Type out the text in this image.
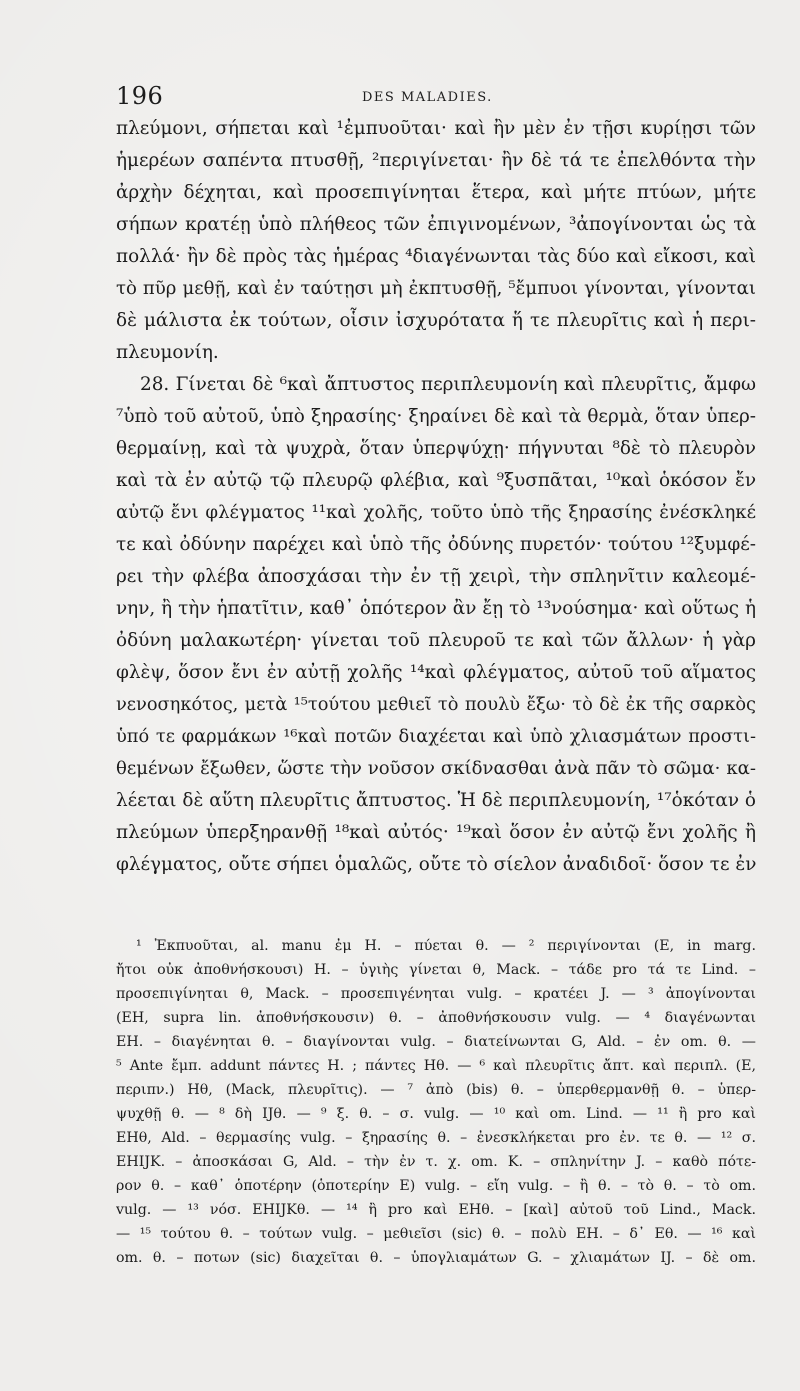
196	DES MALADIES.
πλεύμονι, σήπεται καὶ ¹ἐμπυοῦται· καὶ ἢν μὲν ἐν τῇσι κυρίῃσι τῶν
ἡμερέων σαπέντα πτυσθῇ, ²περιγίνεται· ἢν δὲ τά τε ἐπελθόντα τὴν
ἀρχὴν δέχηται, καὶ προσεπιγίνηται ἕτερα, καὶ μήτε πτύων, μήτε
σήπων κρατέῃ ὑπὸ πλήθεος τῶν ἐπιγινομένων, ³ἀπογίνονται ὡς τὰ
πολλά· ἢν δὲ πρὸς τὰς ἡμέρας ⁴διαγένωνται τὰς δύο καὶ εἴκοσι, καὶ
τὸ πῦρ μεθῇ, καὶ ἐν ταύτῃσι μὴ ἐκπτυσθῇ, ⁵ἔμπυοι γίνονται, γίνονται
δὲ μάλιστα ἐκ τούτων, οἷσιν ἰσχυρότατα ἥ τε πλευρῖτις καὶ ἡ περι-
πλευμονίη.
28. Γίνεται δὲ ⁶καὶ ἄπτυστος περιπλευμονίη καὶ πλευρῖτις, ἄμφω
⁷ὑπὸ τοῦ αὐτοῦ, ὑπὸ ξηρασίης· ξηραίνει δὲ καὶ τὰ θερμὰ, ὅταν ὑπερ-
θερμαίνῃ, καὶ τὰ ψυχρὰ, ὅταν ὑπερψύχῃ· πήγνυται ⁸δὲ τὸ πλευρὸν
καὶ τὰ ἐν αὐτῷ τῷ πλευρῷ φλέβια, καὶ ⁹ξυσπᾶται, ¹⁰καὶ ὁκόσον ἔν
αὐτῷ ἔνι φλέγματος ¹¹καὶ χολῆς, τοῦτο ὑπὸ τῆς ξηρασίης ἐνέσκληκέ
τε καὶ ὀδύνην παρέχει καὶ ὑπὸ τῆς ὀδύνης πυρετόν· τούτου ¹²ξυμφέ-
ρει τὴν φλέβα ἀποσχάσαι τὴν ἐν τῇ χειρὶ, τὴν σπληνῖτιν καλεομέ-
νην, ἢ τὴν ἡπατῖτιν, καθ᾽ ὁπότερον ἂν ἔῃ τὸ ¹³νούσημα· καὶ οὕτως ἡ
ὀδύνη μαλακωτέρη· γίνεται τοῦ πλευροῦ τε καὶ τῶν ἄλλων· ἡ γὰρ
φλὲψ, ὅσον ἔνι ἐν αὐτῇ χολῆς ¹⁴καὶ φλέγματος, αὐτοῦ τοῦ αἵματος
νενοσηκότος, μετὰ ¹⁵τούτου μεθιεῖ τὸ πουλὺ ἔξω· τὸ δὲ ἐκ τῆς σαρκὸς
ὑπό τε φαρμάκων ¹⁶καὶ ποτῶν διαχέεται καὶ ὑπὸ χλιασμάτων προστι-
θεμένων ἔξωθεν, ὥστε τὴν νοῦσον σκίδνασθαι ἀνὰ πᾶν τὸ σῶμα· κα-
λέεται δὲ αὕτη πλευρῖτις ἄπτυστος. Ἡ δὲ περιπλευμονίη, ¹⁷ὁκόταν ὁ
πλεύμων ὑπερξηρανθῇ ¹⁸καὶ αὐτός· ¹⁹καὶ ὅσον ἐν αὐτῷ ἔνι χολῆς ἢ
φλέγματος, οὔτε σήπει ὁμαλῶς, οὔτε τὸ σίελον ἀναδιδοῖ· ὅσον τε ἐν
¹ Ἐκπυοῦται, al. manu ἐμ H. – πύεται θ. — ² περιγίνονται (E, in marg.
ἤτοι οὐκ ἀποθνήσκουσι) H. – ὑγιὴς γίνεται θ, Mack. – τάδε pro τά τε Lind. –
προσεπιγίνηται θ, Mack. – προσεπιγένηται vulg. – κρατέει J. — ³ ἀπογίνονται
(EH, supra lin. ἀποθνήσκουσιν) θ. – ἀποθνήσκουσιν vulg. — ⁴ διαγένωνται
EH. – διαγένηται θ. – διαγίνονται vulg. – διατείνωνται G, Ald. – ἐν om. θ. —
⁵ Ante ἔμπ. addunt πάντες H. ; πάντες Hθ. — ⁶ καὶ πλευρῖτις ἄπτ. καὶ περιπλ. (E,
περιπν.) Hθ, (Mack, πλευρῖτις). — ⁷ ἀπὸ (bis) θ. – ὑπερθερμανθῇ θ. – ὑπερ-
ψυχθῇ θ. — ⁸ δὴ IJθ. — ⁹ ξ. θ. – σ. vulg. — ¹⁰ καὶ om. Lind. — ¹¹ ἢ pro καὶ
EHθ, Ald. – θερμασίης vulg. – ξηρασίης θ. – ἐνεσκλήκεται pro ἐν. τε θ. — ¹² σ.
EHIJK. – ἀποσκάσαι G, Ald. – τὴν ἐν τ. χ. om. K. – σπληνίτην J. – καθὸ πότε-
ρον θ. – καθ᾽ ὁποτέρην (ὁποτερίην E) vulg. – εἴη vulg. – ἢ θ. – τὸ θ. – τὸ om.
vulg. — ¹³ νόσ. EHIJKθ. — ¹⁴ ἢ pro καὶ EHθ. – [καὶ] αὐτοῦ τοῦ Lind., Mack.
— ¹⁵ τούτου θ. – τούτων vulg. – μεθιεῖσι (sic) θ. – πολὺ EH. – δ᾽ Eθ. — ¹⁶ καὶ
om. θ. – ποτων (sic) διαχεῖται θ. – ὑπογλιαμάτων G. – χλιαμάτων IJ. – δὲ om.
